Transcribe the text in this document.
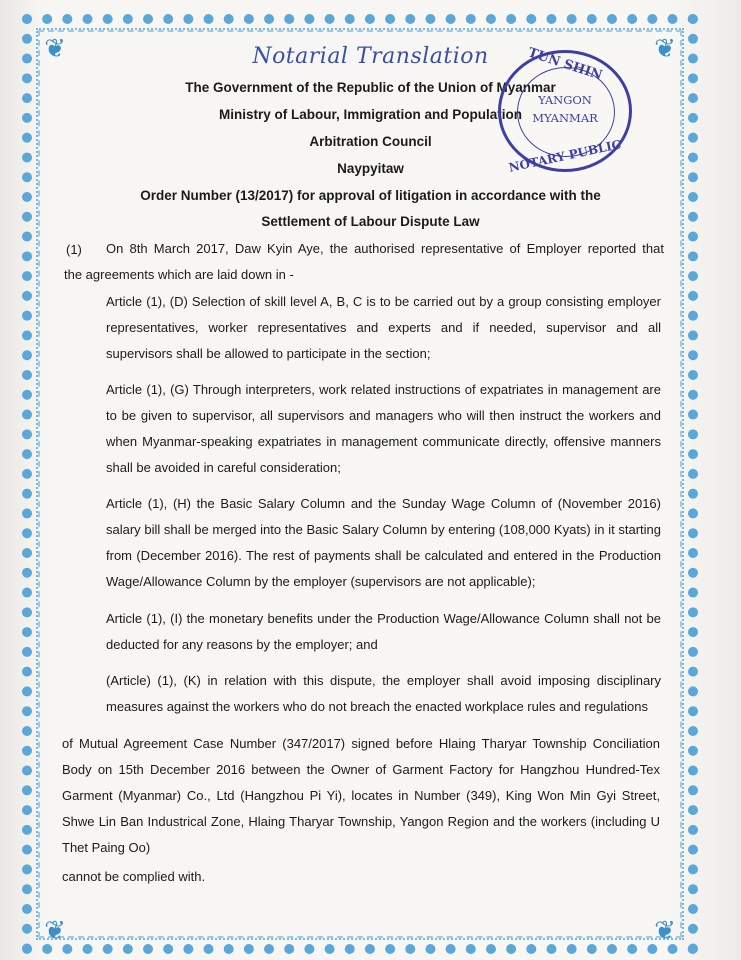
❦	❦
❦	❦
Notarial Translation
The Government of the Republic of the Union of Myanmar
Ministry of Labour, Immigration and Population
Arbitration Council
Naypyitaw
Order Number (13/2017) for approval of litigation in accordance with the
Settlement of Labour Dispute Law
TUN SHIN
YANGON
MYANMAR
NOTARY PUBLIC
(1) On 8th March 2017, Daw Kyin Aye, the authorised representative of Employer reported that
the agreements which are laid down in -
Article (1), (D) Selection of skill level A, B, C is to be carried out by a group consisting employer representatives, worker representatives and experts and if needed, supervisor and all supervisors shall be allowed to participate in the section;
Article (1), (G) Through interpreters, work related instructions of expatriates in management are to be given to supervisor, all supervisors and managers who will then instruct the workers and when Myanmar-speaking expatriates in management communicate directly, offensive manners shall be avoided in careful consideration;
Article (1), (H) the Basic Salary Column and the Sunday Wage Column of (November 2016) salary bill shall be merged into the Basic Salary Column by entering (108,000 Kyats) in it starting from (December 2016). The rest of payments shall be calculated and entered in the Production Wage/Allowance Column by the employer (supervisors are not applicable);
Article (1), (I) the monetary benefits under the Production Wage/Allowance Column shall not be deducted for any reasons by the employer; and
(Article) (1), (K) in relation with this dispute, the employer shall avoid imposing disciplinary measures against the workers who do not breach the enacted workplace rules and regulations
of Mutual Agreement Case Number (347/2017) signed before Hlaing Tharyar Township Conciliation Body on 15th December 2016 between the Owner of Garment Factory for Hangzhou Hundred-Tex Garment (Myanmar) Co., Ltd (Hangzhou Pi Yi), locates in Number (349), King Won Min Gyi Street, Shwe Lin Ban Industrical Zone, Hlaing Tharyar Township, Yangon Region and the workers (including U Thet Paing Oo)
cannot be complied with.
